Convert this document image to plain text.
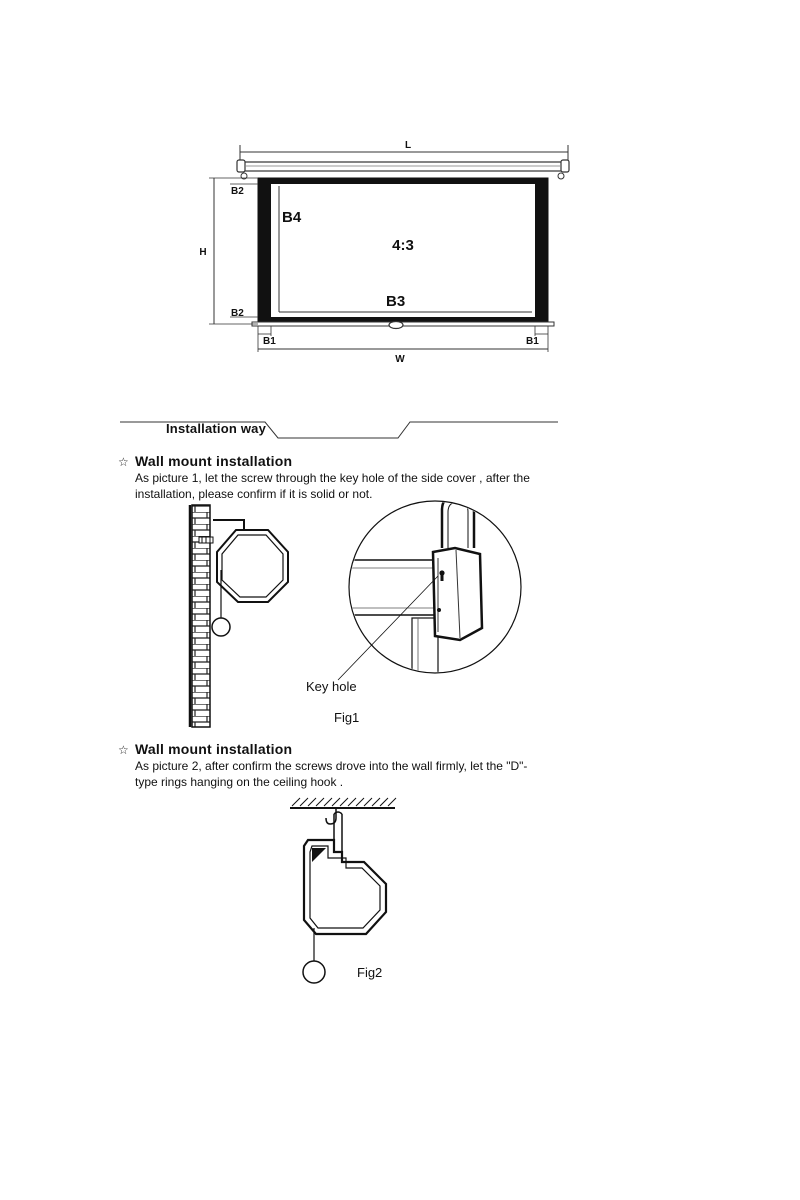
L
B4
B3
4:3
H
B2
B2
B1	B1
W
Installation way
☆ Wall mount installation
As picture 1, let the screw through the key hole of the side cover , after the
installation, please confirm if it is solid or not.
Key hole
Fig1
☆ Wall mount installation
As picture 2, after confirm the screws drove into the wall firmly, let the "D"-
type rings hanging on the ceiling hook .
Fig2
